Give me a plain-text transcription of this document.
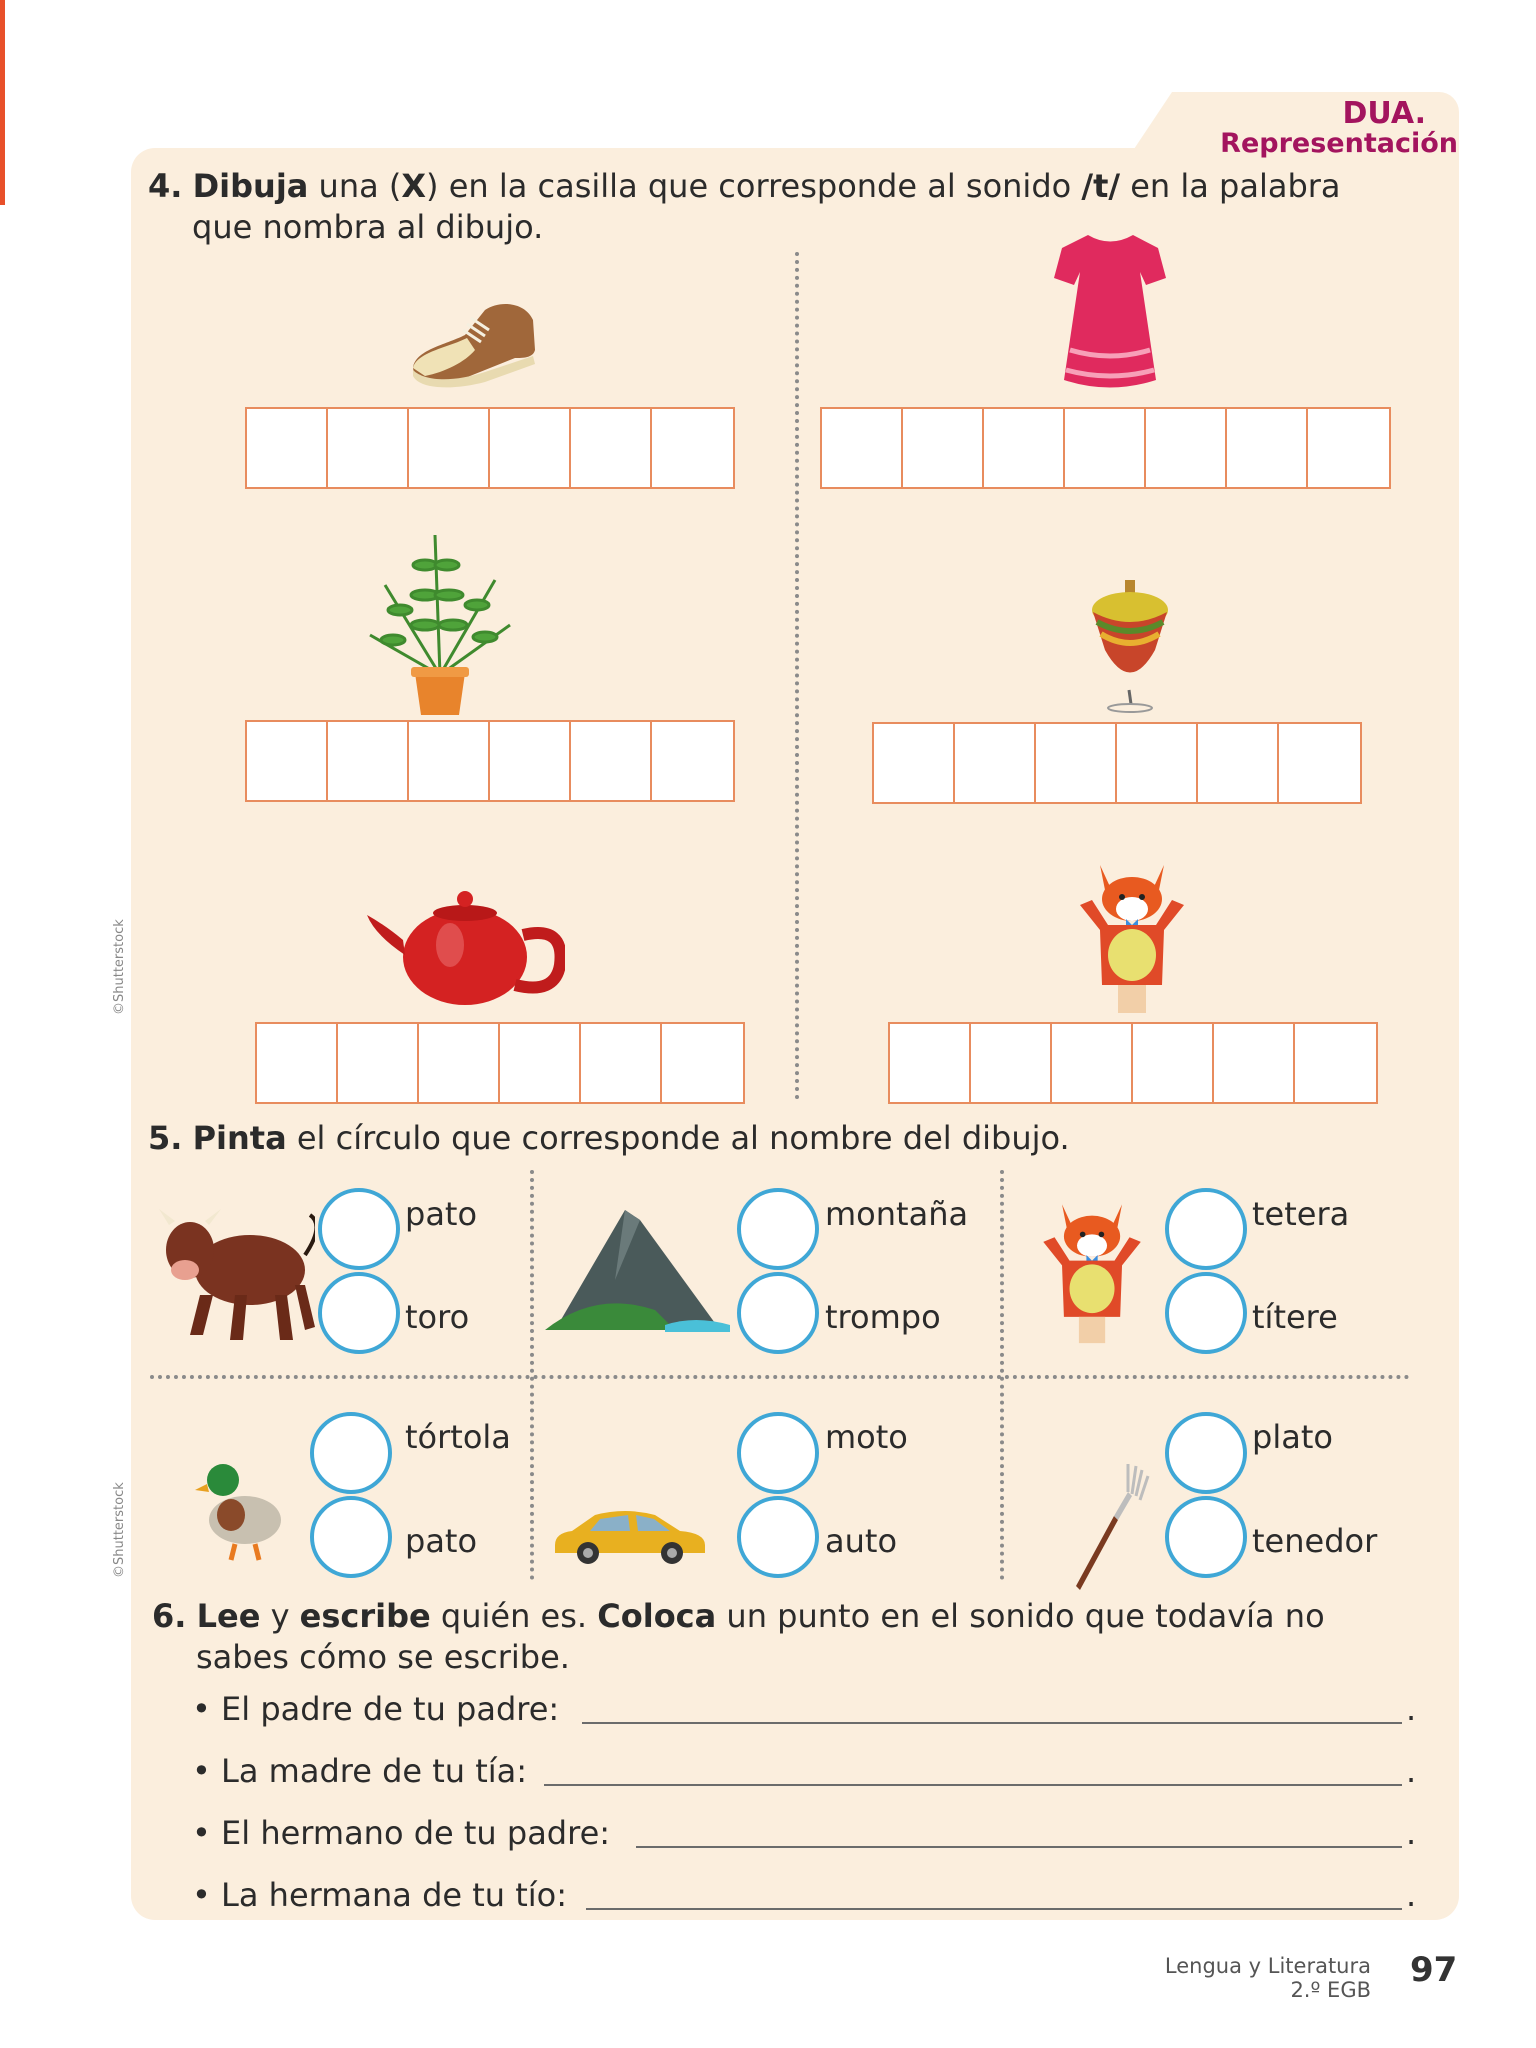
DUA.
Representación
4. Dibuja una (X) en la casilla que corresponde al sonido /t/ en la palabra
que nombra al dibujo.
©Shutterstock
5. Pinta el círculo que corresponde al nombre del dibujo.
pato
toro
montaña
trompo
tetera
títere
tórtola
pato
moto
auto
plato
tenedor
©Shutterstock
6. Lee y escribe quién es. Coloca un punto en el sonido que todavía no
sabes cómo se escribe.
• El padre de tu padre:	.
• La madre de tu tía:	.
• El hermano de tu padre:	.
• La hermana de tu tío:	.
Lengua y Literatura
2.º EGB 97
